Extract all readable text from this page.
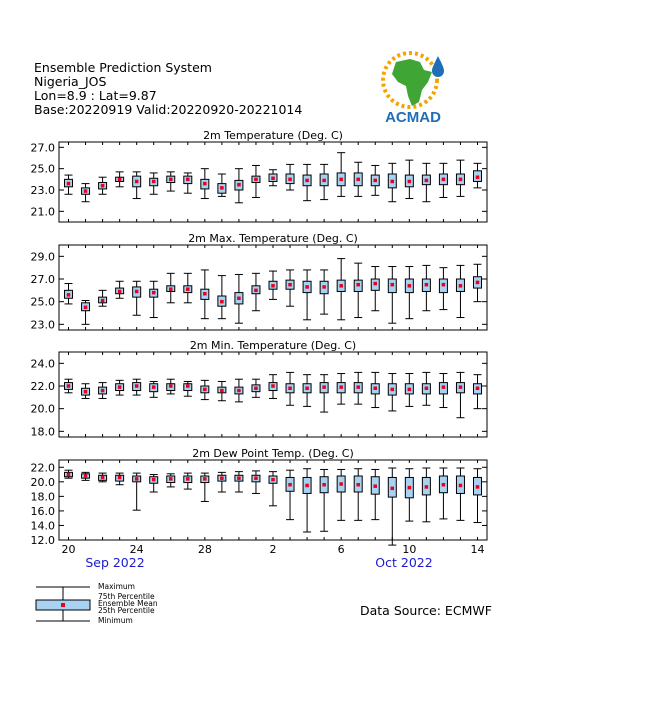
Ensemble Prediction System
Nigeria_JOS
Lon=8.9 : Lat=9.87
Base:20220919 Valid:20220920-20221014	ACMAD
2m Temperature (Deg. C)
21.0
23.0
25.0
27.0
2m Max. Temperature (Deg. C)
23.0
25.0
27.0
29.0
2m Min. Temperature (Deg. C)
18.0
20.0
22.0
24.0
2m Dew Point Temp. (Deg. C)
12.0
14.0
16.0
18.0
20.0
22.0
20	24	28	2	6	10	14
Sep 2022	Oct 2022
Maximum
75th Percentile
Ensemble Mean
25th Percentile
Minimum
Data Source: ECMWF
